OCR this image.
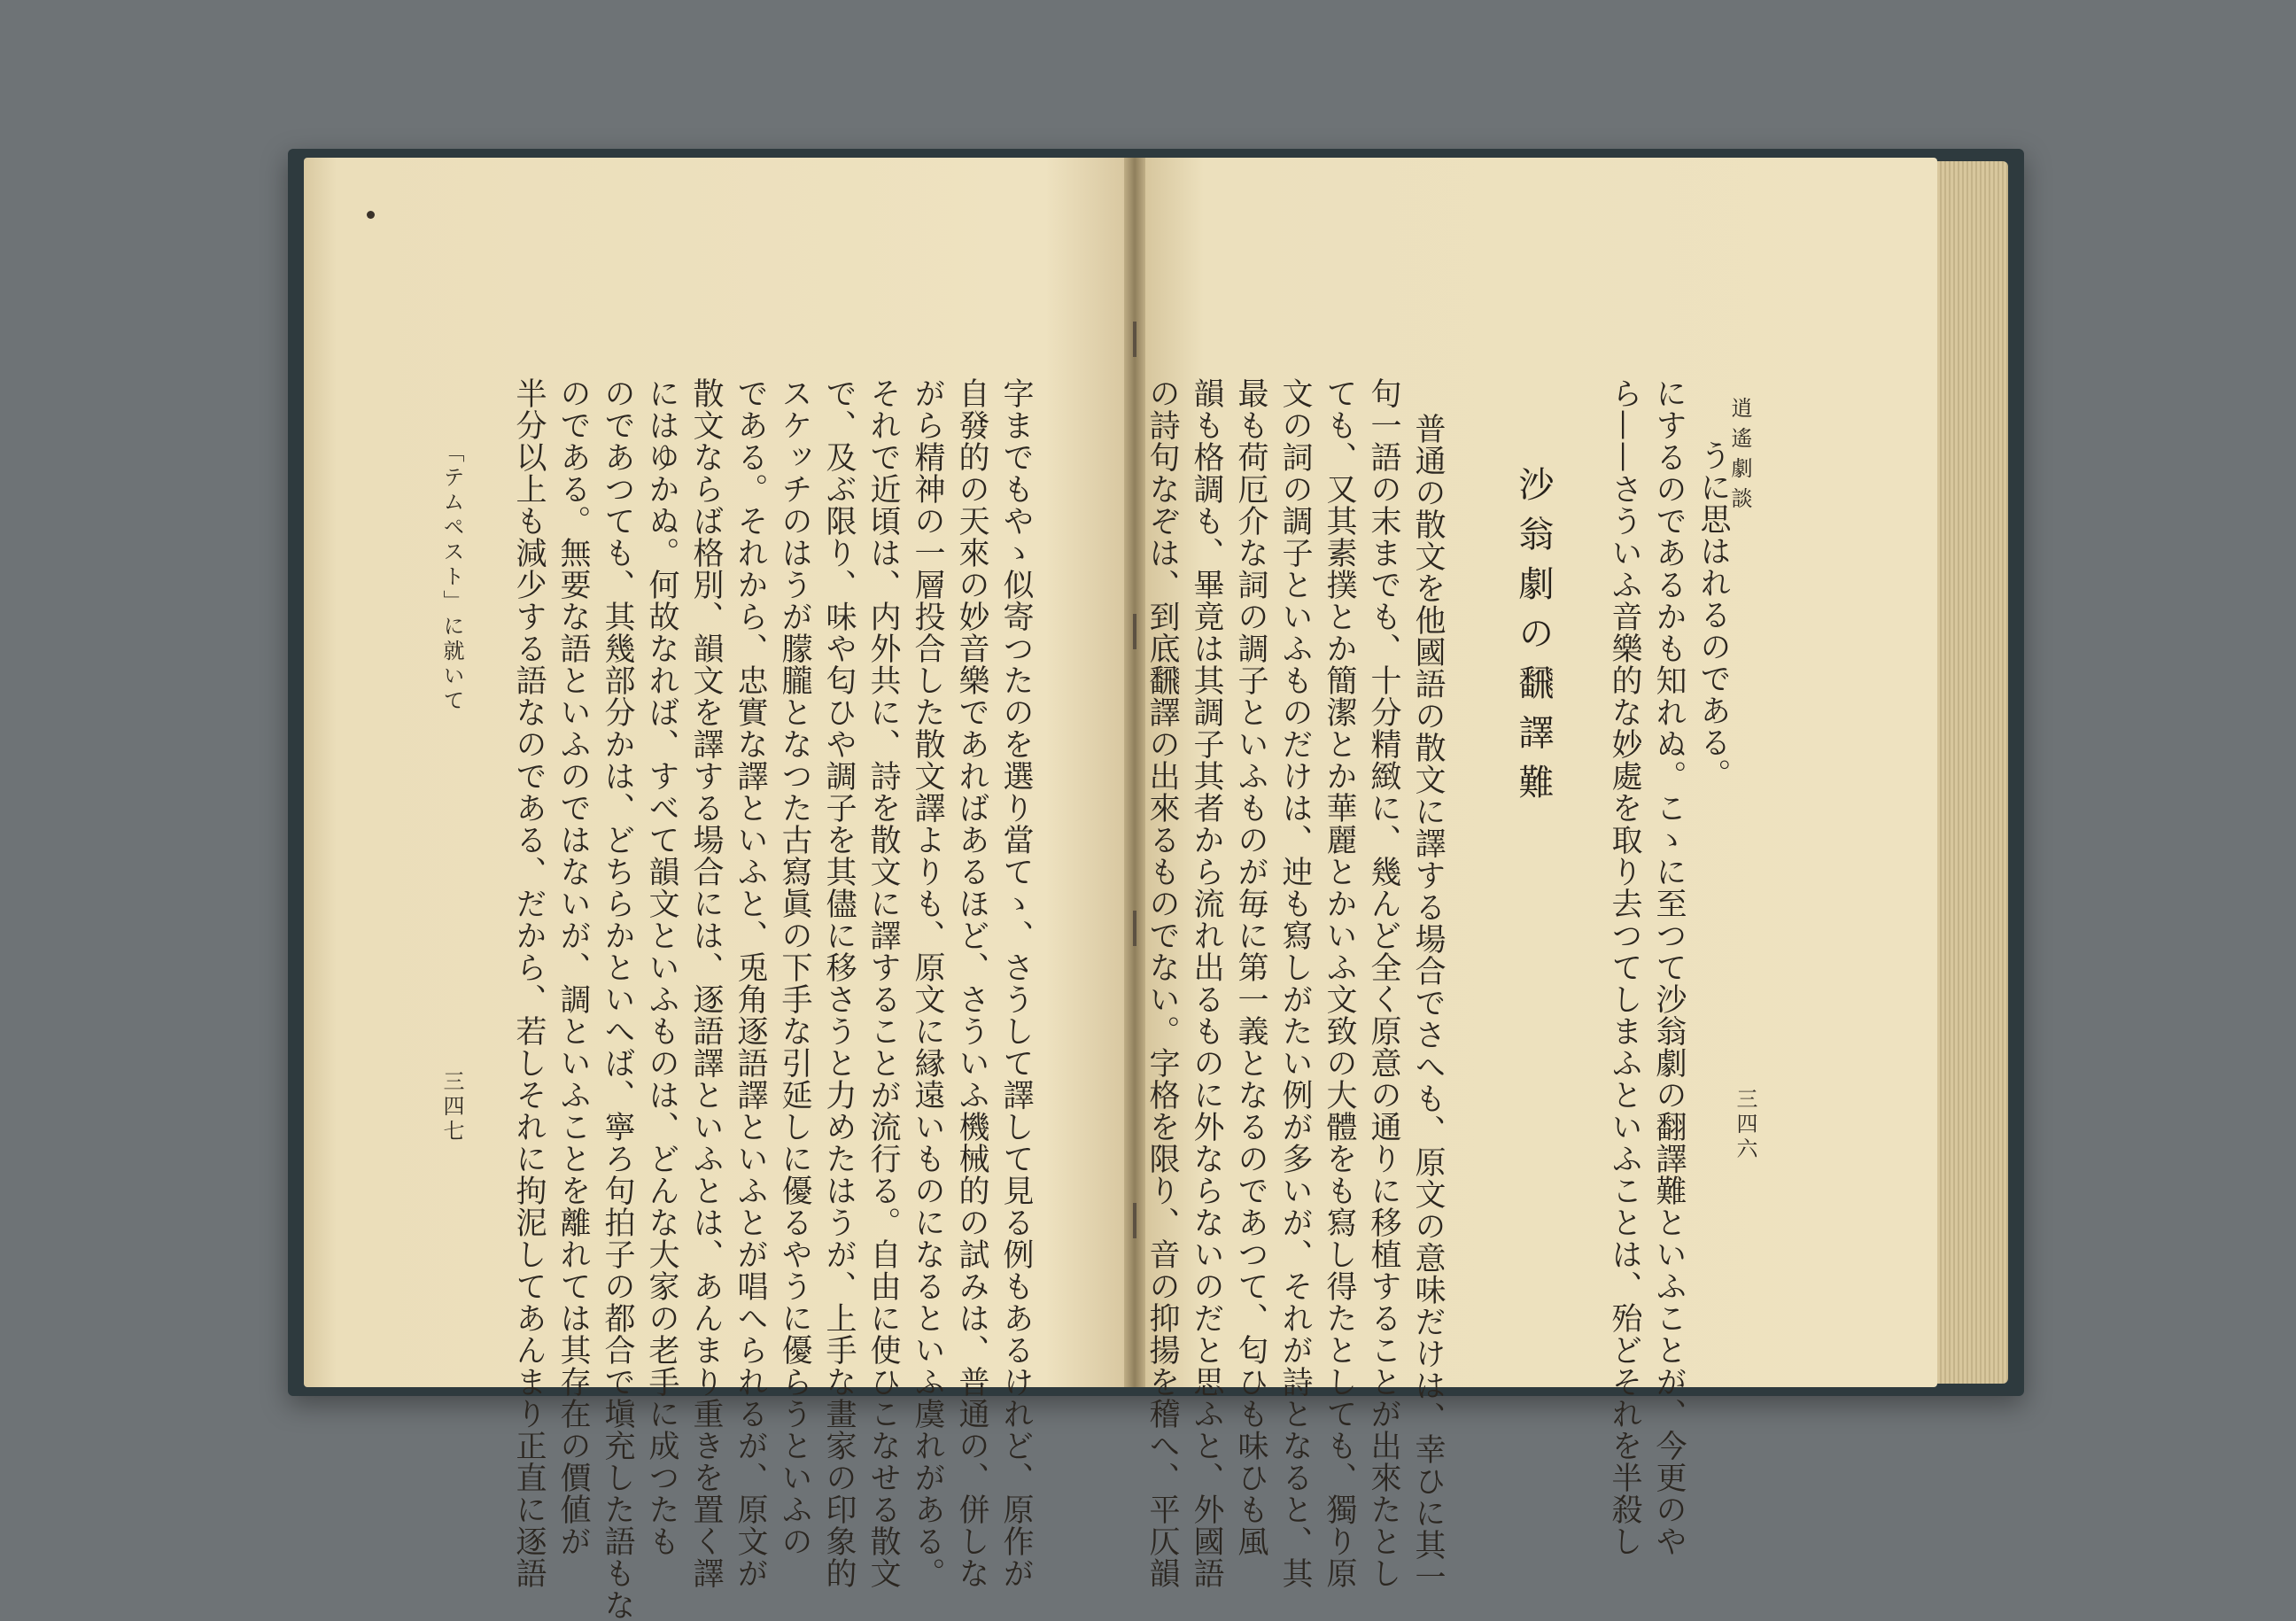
逍遙劇談
三四六
うに思はれるのである。
にするのであるかも知れぬ。こゝに至つて沙翁劇の翻譯難といふことが、今更のや
ら——さういふ音樂的な妙處を取り去つてしまふといふことは、殆どそれを半殺し
沙翁劇の飜譯難
普通の散文を他國語の散文に譯する場合でさへも、原文の意味だけは、幸ひに其一
句一語の末までも、十分精緻に、幾んど全く原意の通りに移植することが出來たとし
ても、又其素撲とか簡潔とか華麗とかいふ文致の大體をも寫し得たとしても、獨り原
文の詞の調子といふものだけは、迚も寫しがたい例が多いが、それが詩となると、其
最も荷厄介な詞の調子といふものが毎に第一義となるのであつて、匂ひも味ひも風
韻も格調も、畢竟は其調子其者から流れ出るものに外ならないのだと思ふと、外國語
の詩句なぞは、到底飜譯の出來るものでない。字格を限り、音の抑揚を稽へ、平仄韻
字までもやゝ似寄つたのを選り當てゝ、さうして譯して見る例もあるけれど、原作が
自發的の天來の妙音樂であればあるほど、さういふ機械的の試みは、普通の、併しな
がら精神の一層投合した散文譯よりも、原文に縁遠いものになるといふ虞れがある。
それで近頃は、内外共に、詩を散文に譯することが流行る。自由に使ひこなせる散文
で、及ぶ限り、味や匂ひや調子を其儘に移さうと力めたはうが、上手な畫家の印象的
スケッチのはうが朦朧となつた古寫眞の下手な引延しに優るやうに優らうといふの
である。それから、忠實な譯といふと、兎角逐語譯といふとが唱へられるが、原文が
散文ならば格別、韻文を譯する場合には、逐語譯といふとは、あんまり重きを置く譯
にはゆかぬ。何故なれば、すべて韻文といふものは、どんな大家の老手に成つたも
のであつても、其幾部分かは、どちらかといへば、寧ろ句拍子の都合で塡充した語もな
のである。無要な語といふのではないが、調といふことを離れては其存在の價値が
半分以上も減少する語なのである、だから、若しそれに拘泥してあんまり正直に逐語
「テムペスト」に就いて
三四七
